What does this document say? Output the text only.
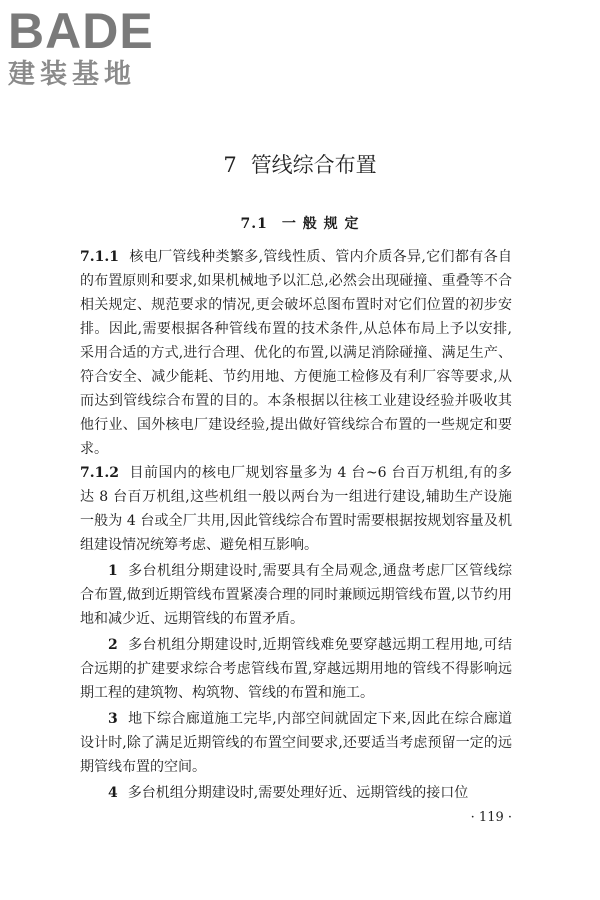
BADE
建装基地
7 管线综合布置
7.1 一 般 规 定

7.1.1 核电厂管线种类繁多,管线性质、管内介质各异,它们都有各自的布置原则和要求,如果机械地予以汇总,必然会出现碰撞、重叠等不合相关规定、规范要求的情况,更会破坏总图布置时对它们位置的初步安排。因此,需要根据各种管线布置的技术条件,从总体布局上予以安排,采用合适的方式,进行合理、优化的布置,以满足消除碰撞、满足生产、符合安全、减少能耗、节约用地、方便施工检修及有利厂容等要求,从而达到管线综合布置的目的。本条根据以往核工业建设经验并吸收其他行业、国外核电厂建设经验,提出做好管线综合布置的一些规定和要求。

7.1.2 目前国内的核电厂规划容量多为 4 台~6 台百万机组,有的多达 8 台百万机组,这些机组一般以两台为一组进行建设,辅助生产设施一般为 4 台或全厂共用,因此管线综合布置时需要根据按规划容量及机组建设情况统筹考虑、避免相互影响。

1 多台机组分期建设时,需要具有全局观念,通盘考虑厂区管线综合布置,做到近期管线布置紧凑合理的同时兼顾远期管线布置,以节约用地和减少近、远期管线的布置矛盾。

2 多台机组分期建设时,近期管线难免要穿越远期工程用地,可结合远期的扩建要求综合考虑管线布置,穿越远期用地的管线不得影响远期工程的建筑物、构筑物、管线的布置和施工。

3 地下综合廊道施工完毕,内部空间就固定下来,因此在综合廊道设计时,除了满足近期管线的布置空间要求,还要适当考虑预留一定的远期管线布置的空间。

4 多台机组分期建设时,需要处理好近、远期管线的接口位

· 119 ·
